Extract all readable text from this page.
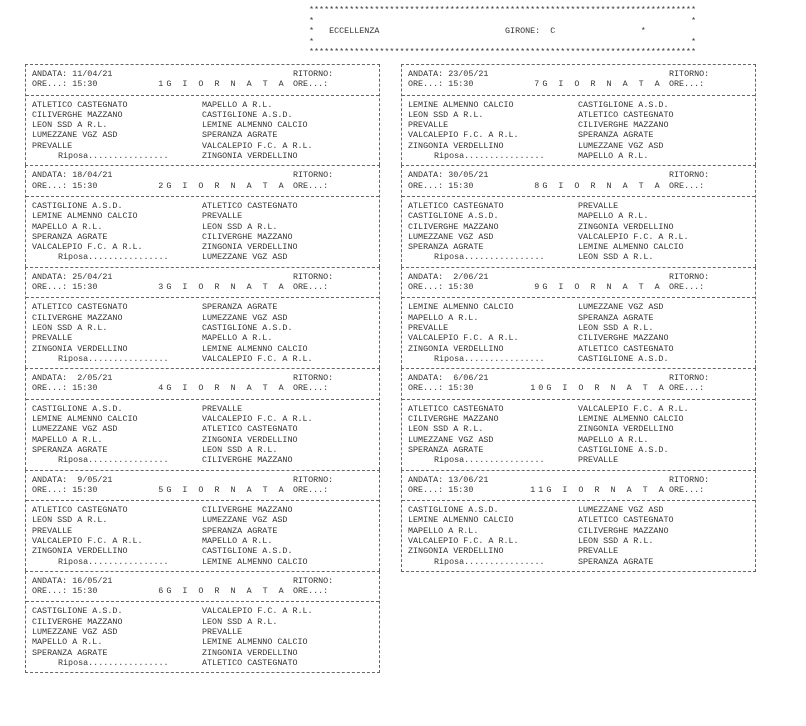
*****************************************************************************
*	*
* ECCELLENZA	GIRONE: C	*
*	*
*****************************************************************************
ANDATA: 11/04/21
ORE...: 15:30	1 G I O R N A T A
RITORNO:
ORE...:
ATLETICO CASTEGNATO	MAPELLO A R.L.
CILIVERGHE MAZZANO	CASTIGLIONE A.S.D.
LEON SSD A R.L.	LEMINE ALMENNO CALCIO
LUMEZZANE VGZ ASD	SPERANZA AGRATE
PREVALLE	VALCALEPIO F.C. A R.L.
Riposa................	ZINGONIA VERDELLINO
ANDATA: 18/04/21
ORE...: 15:30	2 G I O R N A T A
RITORNO:
ORE...:
CASTIGLIONE A.S.D.	ATLETICO CASTEGNATO
LEMINE ALMENNO CALCIO	PREVALLE
MAPELLO A R.L.	LEON SSD A R.L.
SPERANZA AGRATE	CILIVERGHE MAZZANO
VALCALEPIO F.C. A R.L.	ZINGONIA VERDELLINO
Riposa................	LUMEZZANE VGZ ASD
ANDATA: 25/04/21
ORE...: 15:30	3 G I O R N A T A
RITORNO:
ORE...:
ATLETICO CASTEGNATO	SPERANZA AGRATE
CILIVERGHE MAZZANO	LUMEZZANE VGZ ASD
LEON SSD A R.L.	CASTIGLIONE A.S.D.
PREVALLE	MAPELLO A R.L.
ZINGONIA VERDELLINO	LEMINE ALMENNO CALCIO
Riposa................	VALCALEPIO F.C. A R.L.
ANDATA:  2/05/21
ORE...: 15:30	4 G I O R N A T A
RITORNO:
ORE...:
CASTIGLIONE A.S.D.	PREVALLE
LEMINE ALMENNO CALCIO	VALCALEPIO F.C. A R.L.
LUMEZZANE VGZ ASD	ATLETICO CASTEGNATO
MAPELLO A R.L.	ZINGONIA VERDELLINO
SPERANZA AGRATE	LEON SSD A R.L.
Riposa................	CILIVERGHE MAZZANO
ANDATA:  9/05/21
ORE...: 15:30	5 G I O R N A T A
RITORNO:
ORE...:
ATLETICO CASTEGNATO	CILIVERGHE MAZZANO
LEON SSD A R.L.	LUMEZZANE VGZ ASD
PREVALLE	SPERANZA AGRATE
VALCALEPIO F.C. A R.L.	MAPELLO A R.L.
ZINGONIA VERDELLINO	CASTIGLIONE A.S.D.
Riposa................	LEMINE ALMENNO CALCIO
ANDATA: 16/05/21
ORE...: 15:30	6 G I O R N A T A
RITORNO:
ORE...:
CASTIGLIONE A.S.D.	VALCALEPIO F.C. A R.L.
CILIVERGHE MAZZANO	LEON SSD A R.L.
LUMEZZANE VGZ ASD	PREVALLE
MAPELLO A R.L.	LEMINE ALMENNO CALCIO
SPERANZA AGRATE	ZINGONIA VERDELLINO
Riposa................	ATLETICO CASTEGNATO
ANDATA: 23/05/21
ORE...: 15:30	7 G I O R N A T A
RITORNO:
ORE...:
LEMINE ALMENNO CALCIO	CASTIGLIONE A.S.D.
LEON SSD A R.L.	ATLETICO CASTEGNATO
PREVALLE	CILIVERGHE MAZZANO
VALCALEPIO F.C. A R.L.	SPERANZA AGRATE
ZINGONIA VERDELLINO	LUMEZZANE VGZ ASD
Riposa................	MAPELLO A R.L.
ANDATA: 30/05/21
ORE...: 15:30	8 G I O R N A T A
RITORNO:
ORE...:
ATLETICO CASTEGNATO	PREVALLE
CASTIGLIONE A.S.D.	MAPELLO A R.L.
CILIVERGHE MAZZANO	ZINGONIA VERDELLINO
LUMEZZANE VGZ ASD	VALCALEPIO F.C. A R.L.
SPERANZA AGRATE	LEMINE ALMENNO CALCIO
Riposa................	LEON SSD A R.L.
ANDATA:  2/06/21
ORE...: 15:30	9 G I O R N A T A
RITORNO:
ORE...:
LEMINE ALMENNO CALCIO	LUMEZZANE VGZ ASD
MAPELLO A R.L.	SPERANZA AGRATE
PREVALLE	LEON SSD A R.L.
VALCALEPIO F.C. A R.L.	CILIVERGHE MAZZANO
ZINGONIA VERDELLINO	ATLETICO CASTEGNATO
Riposa................	CASTIGLIONE A.S.D.
ANDATA:  6/06/21
ORE...: 15:30	10 G I O R N A T A
RITORNO:
ORE...:
ATLETICO CASTEGNATO	VALCALEPIO F.C. A R.L.
CILIVERGHE MAZZANO	LEMINE ALMENNO CALCIO
LEON SSD A R.L.	ZINGONIA VERDELLINO
LUMEZZANE VGZ ASD	MAPELLO A R.L.
SPERANZA AGRATE	CASTIGLIONE A.S.D.
Riposa................	PREVALLE
ANDATA: 13/06/21
ORE...: 15:30	11 G I O R N A T A
RITORNO:
ORE...:
CASTIGLIONE A.S.D.	LUMEZZANE VGZ ASD
LEMINE ALMENNO CALCIO	ATLETICO CASTEGNATO
MAPELLO A R.L.	CILIVERGHE MAZZANO
VALCALEPIO F.C. A R.L.	LEON SSD A R.L.
ZINGONIA VERDELLINO	PREVALLE
Riposa................	SPERANZA AGRATE
